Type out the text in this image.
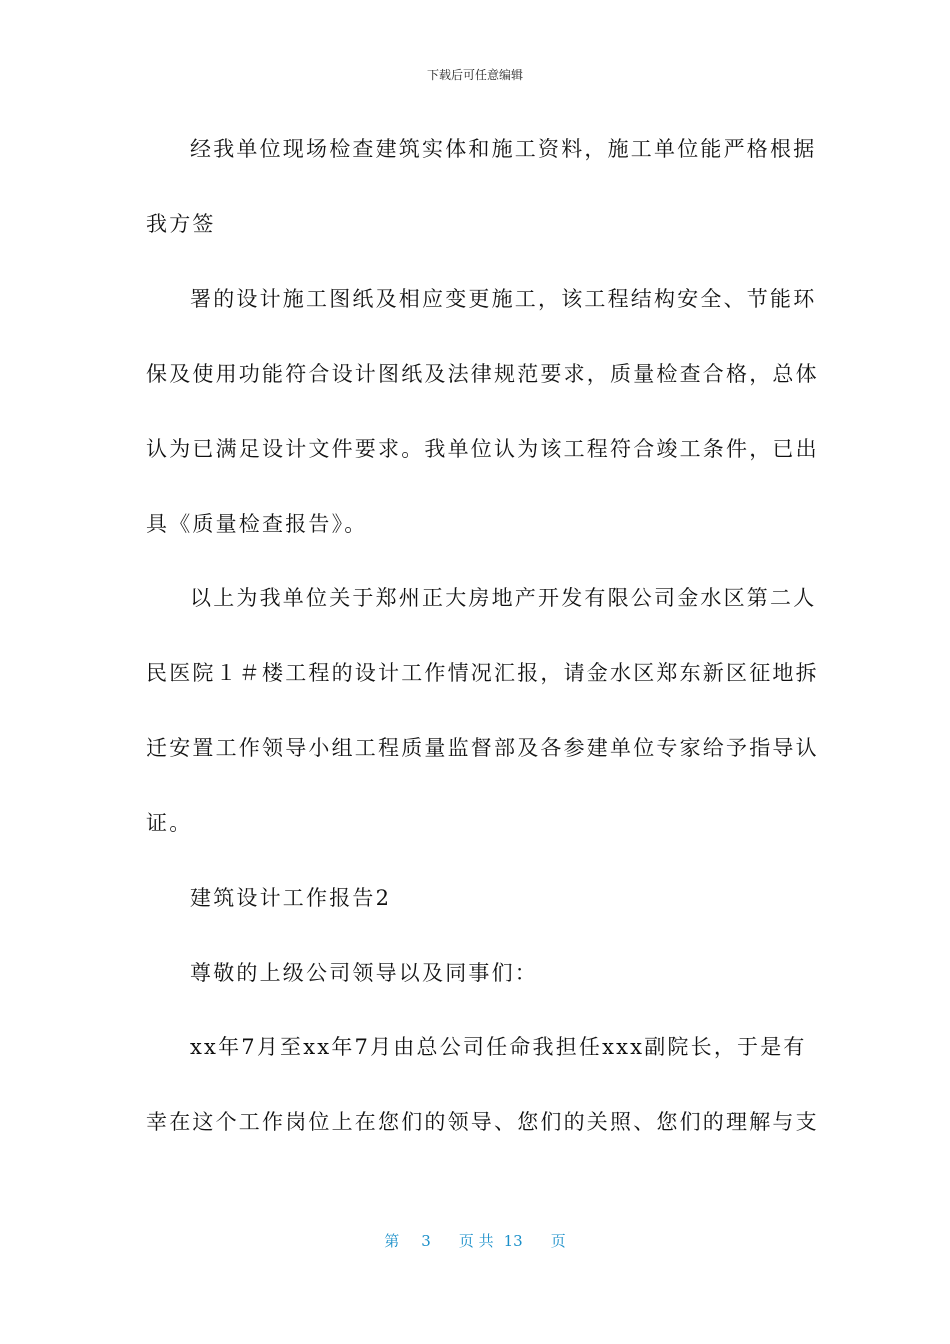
下载后可任意编辑
经我单位现场检查建筑实体和施工资料，施工单位能严格根据
我方签
署的设计施工图纸及相应变更施工，该工程结构安全、节能环
保及使用功能符合设计图纸及法律规范要求，质量检查合格，总体
认为已满足设计文件要求。我单位认为该工程符合竣工条件，已出
具《质量检查报告》。
以上为我单位关于郑州正大房地产开发有限公司金水区第二人
民医院１＃楼工程的设计工作情况汇报，请金水区郑东新区征地拆
迁安置工作领导小组工程质量监督部及各参建单位专家给予指导认
证。
建筑设计工作报告2
尊敬的上级公司领导以及同事们：
xx年7月至xx年7月由总公司任命我担任xxx副院长，于是有
幸在这个工作岗位上在您们的领导、您们的关照、您们的理解与支
第 3 页 共 13 页
